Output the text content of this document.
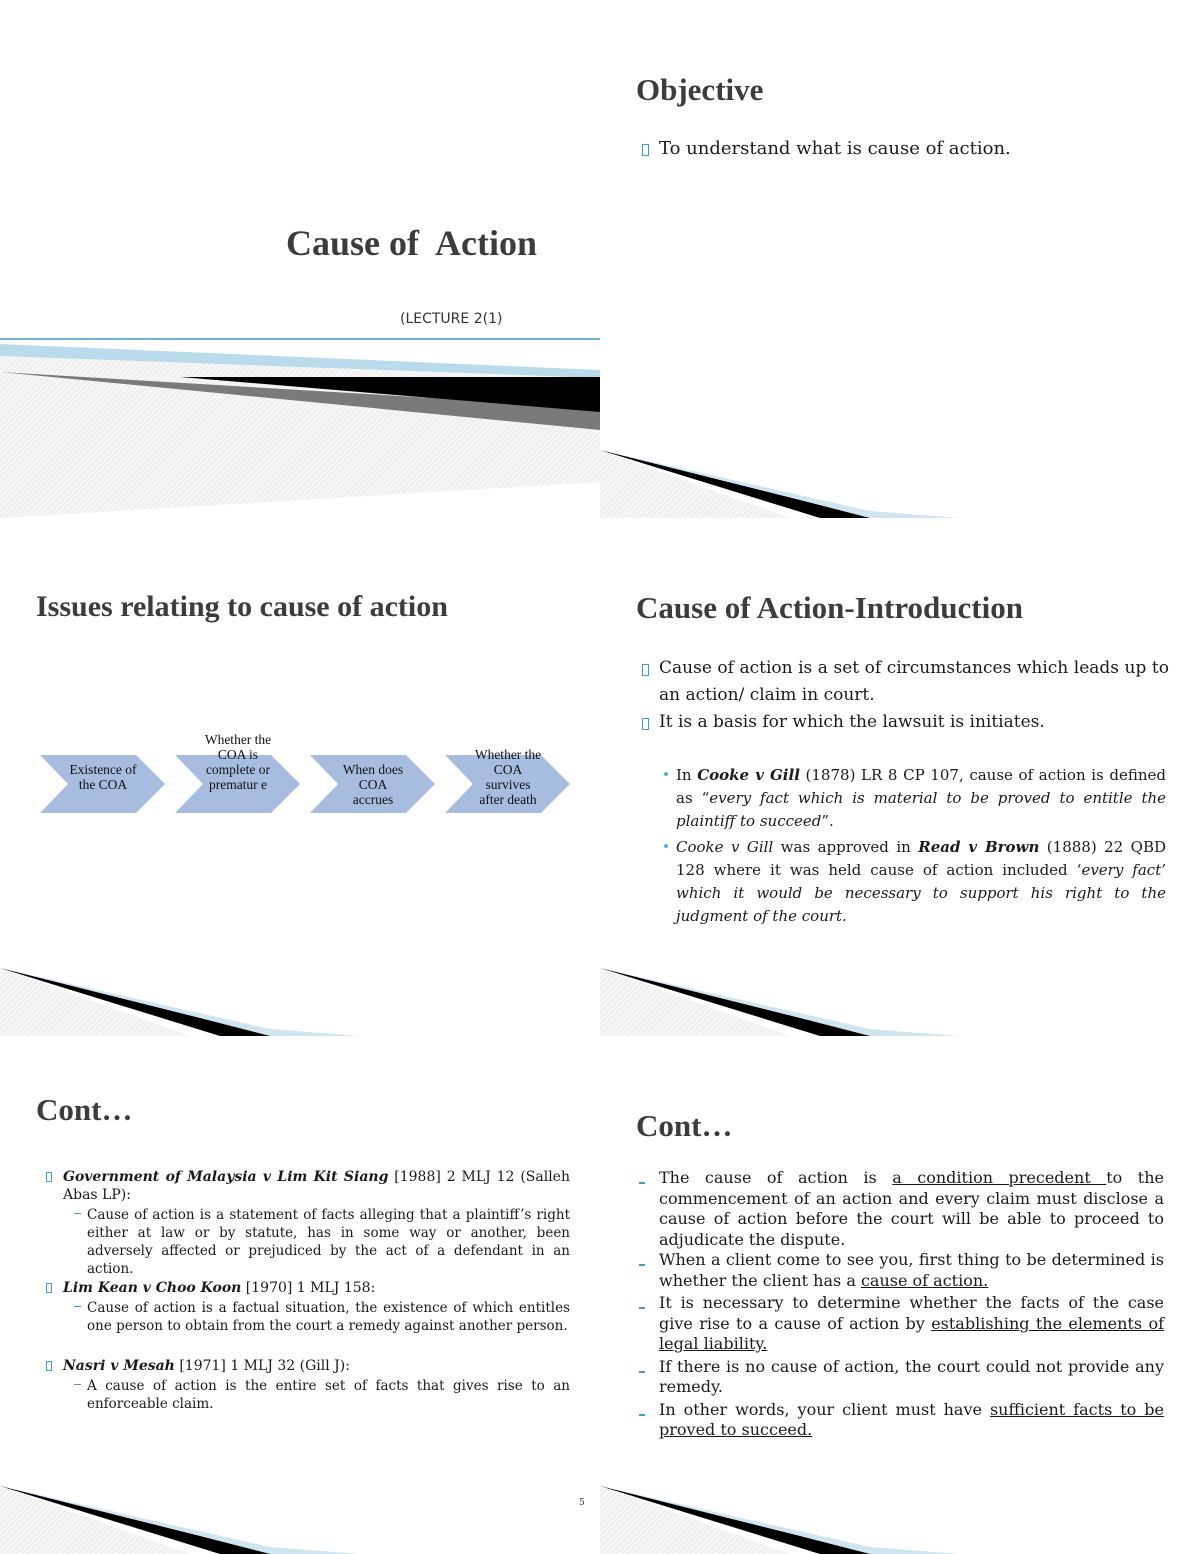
Cause of  Action
(LECTURE 2(1)
Objective
To understand what is cause of action.
Issues relating to cause of action
Existence of the COA
Whether the COA is complete or prematur e
When does COA accrues
Whether the COA survives after death
Cause of Action-Introduction
Cause of action is a set of circumstances which leads up to an action/ claim in court.
It is a basis for which the lawsuit is initiates.
In Cooke v Gill (1878) LR 8 CP 107, cause of action is defined as “every fact which is material to be proved to entitle the plaintiff to succeed”.
Cooke v Gill was approved in Read v Brown (1888) 22 QBD 128 where it was held cause of action included ‘every fact’ which it would be necessary to support his right to the judgment of the court.
Cont…
Government of Malaysia v Lim Kit Siang [1988] 2 MLJ 12 (Salleh Abas LP):
Cause of action is a statement of facts alleging that a plaintiff’s right either at law or by statute, has in some way or another, been adversely affected or prejudiced by the act of a defendant in an action.
Lim Kean v Choo Koon [1970] 1 MLJ 158:
Cause of action is a factual situation, the existence of which entitles one person to obtain from the court a remedy against another person.
Nasri v Mesah [1971] 1 MLJ 32 (Gill J):
A cause of action is the entire set of facts that gives rise to an enforceable claim.
5
Cont…
The cause of action is a condition precedent to the commencement of an action and every claim must disclose a cause of action before the court will be able to proceed to adjudicate the dispute.
When a client come to see you, first thing to be determined is whether the client has a cause of action.
It is necessary to determine whether the facts of the case give rise to a cause of action by establishing the elements of legal liability.
If there is no cause of action, the court could not provide any remedy.
In other words, your client must have sufficient facts to be proved to succeed.
